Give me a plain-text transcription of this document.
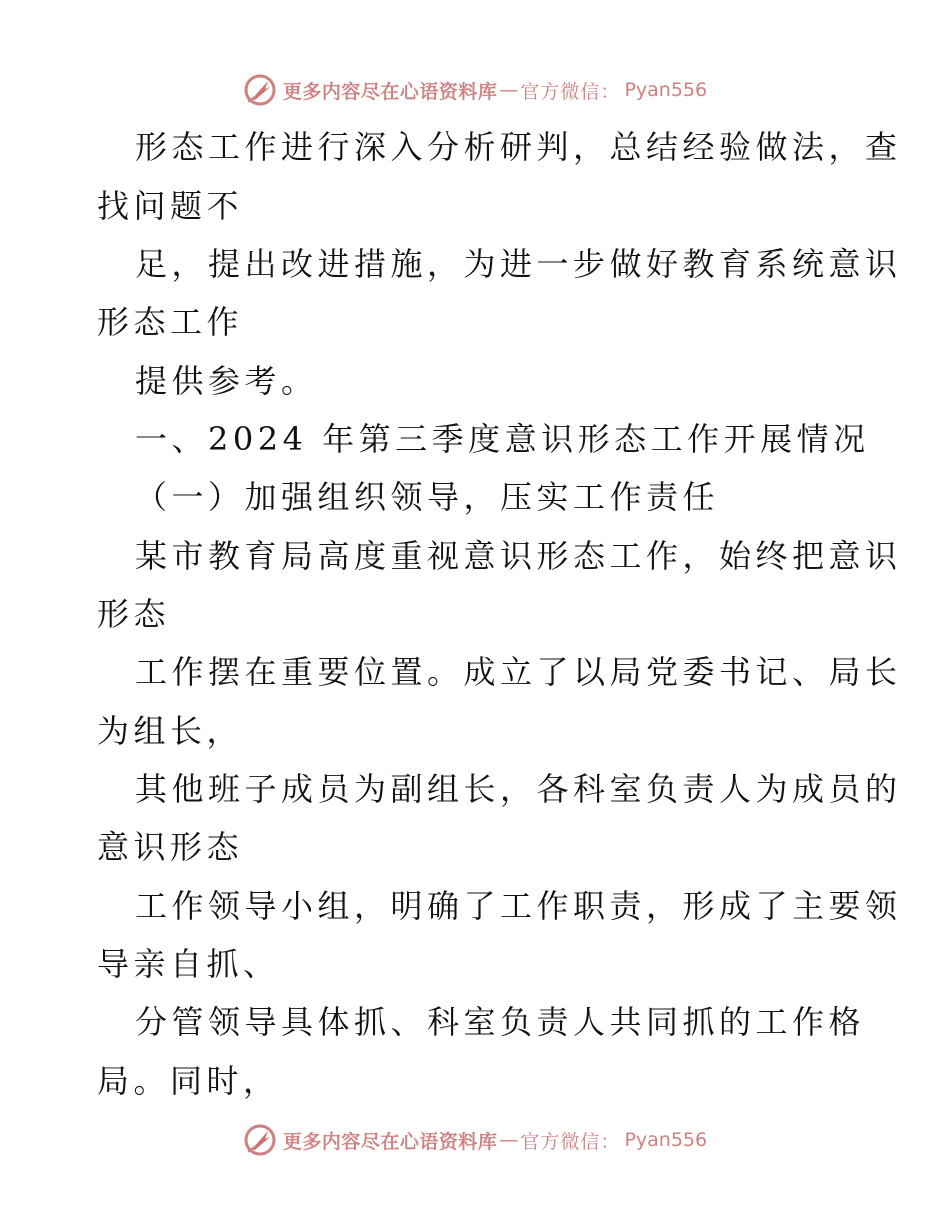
更多内容尽在心语资料库 — 官方微信： Pyan556
形态工作进行深入分析研判，总结经验做法，查
找问题不
足，提出改进措施，为进一步做好教育系统意识
形态工作
提供参考。
一、2024 年第三季度意识形态工作开展情况
（一）加强组织领导，压实工作责任
某市教育局高度重视意识形态工作，始终把意识
形态
工作摆在重要位置。成立了以局党委书记、局长
为组长，
其他班子成员为副组长，各科室负责人为成员的
意识形态
工作领导小组，明确了工作职责，形成了主要领
导亲自抓、
分管领导具体抓、科室负责人共同抓的工作格
局。同时，
更多内容尽在心语资料库 — 官方微信： Pyan556
